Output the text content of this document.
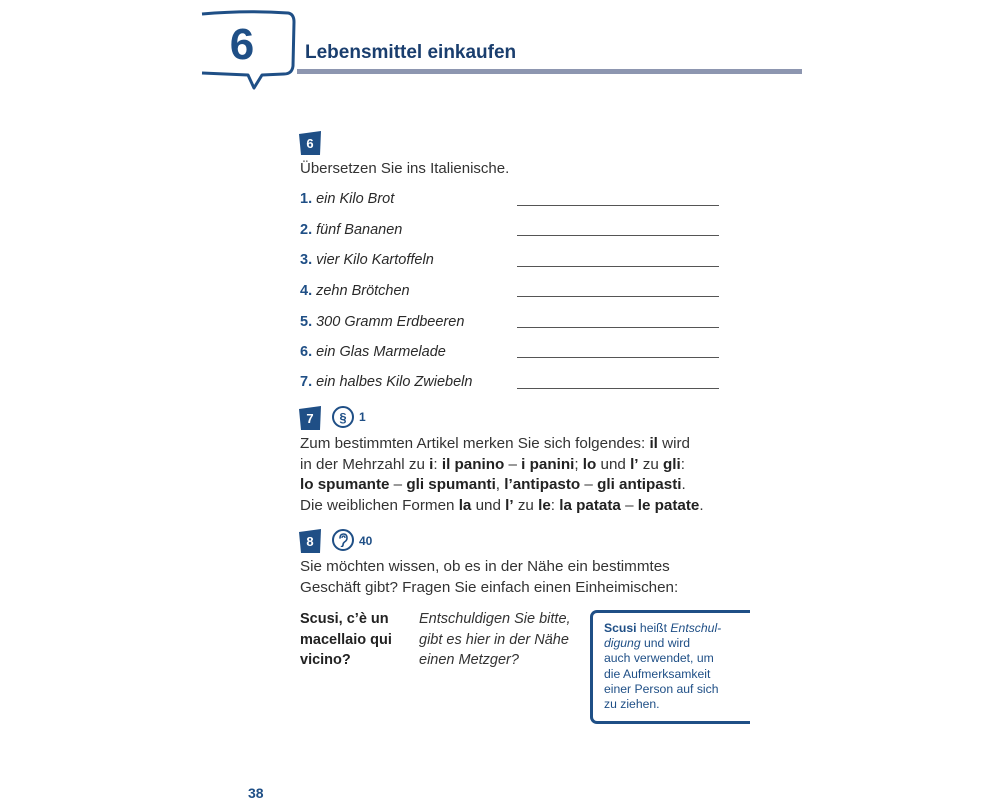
6	Lebensmittel einkaufen
6
Übersetzen Sie ins Italienische.
1. ein Kilo Brot
2. fünf Bananen
3. vier Kilo Kartoffeln
4. zehn Brötchen
5. 300 Gramm Erdbeeren
6. ein Glas Marmelade
7. ein halbes Kilo Zwiebeln
7	§	1
Zum bestimmten Artikel merken Sie sich folgendes: il wird
in der Mehrzahl zu i: il panino – i panini; lo und l’ zu gli:
lo spumante – gli spumanti, l’antipasto – gli antipasti.
Die weiblichen Formen la und l’ zu le: la patata – le patate.
8	40
Sie möchten wissen, ob es in der Nähe ein bestimmtes
Geschäft gibt? Fragen Sie einfach einen Einheimischen:
Scusi, c’è un
macellaio qui
vicino?
Entschuldigen Sie bitte,
gibt es hier in der Nähe
einen Metzger?
Scusi heißt Entschul-
digung und wird
auch verwendet, um
die Aufmerksamkeit
einer Person auf sich
zu ziehen.
38
